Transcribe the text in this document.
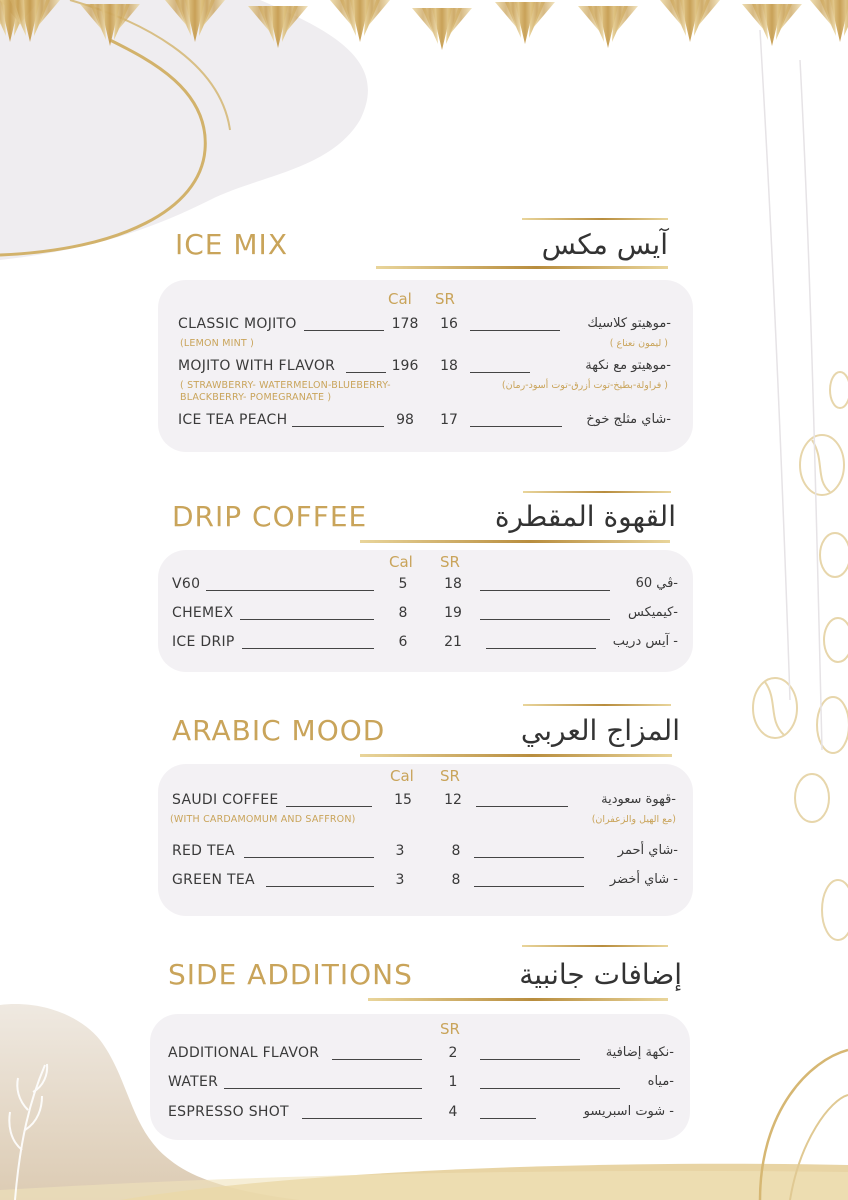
ICE MIX	آيس مكس
Cal SR
CLASSIC MOJITO	178	16	-موهيتو كلاسيك
(LEMON MINT )	( ليمون نعناع )
MOJITO WITH FLAVOR	196	18	-موهيتو مع نكهة
( STRAWBERRY- WATERMELON-BLUEBERRY-
BLACKBERRY- POMEGRANATE )
( فراولة-بطيخ-توت أزرق-توت أسود-رمان)
ICE TEA PEACH	98	17	-شاي مثلج خوخ
DRIP COFFEE	القهوة المقطرة
Cal SR
V60	5	18	-ڤي 60
CHEMEX	8	19	-كيميكس
ICE DRIP	6	21	- آيس دريب
ARABIC MOOD	المزاج العربي
Cal SR
SAUDI COFFEE	15	12	-قهوة سعودية
(WITH CARDAMOMUM AND SAFFRON)	(مع الهيل والزعفران)
RED TEA	3	8	-شاي أحمر
GREEN TEA	3	8	- شاي أخضر
SIDE ADDITIONS	إضافات جانبية
SR
ADDITIONAL FLAVOR	2	-نكهة إضافية
WATER	1	-مياه
ESPRESSO SHOT	4	- شوت اسبريسو
